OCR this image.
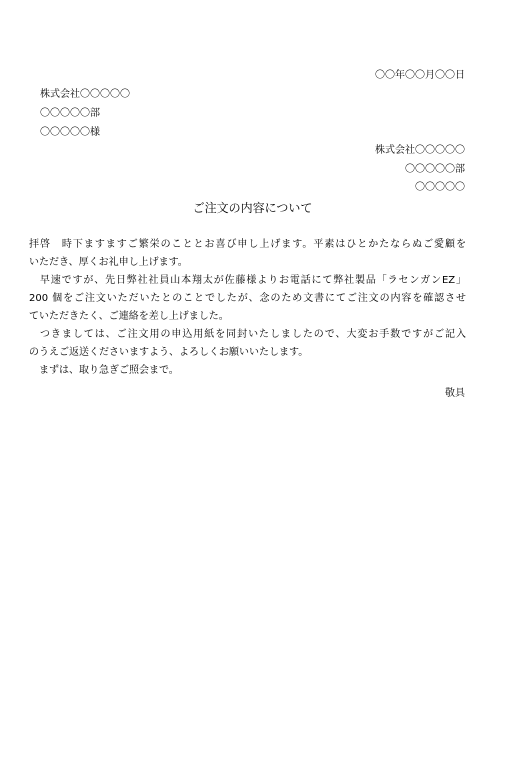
〇〇年〇〇月〇〇日
株式会社〇〇〇〇〇
〇〇〇〇〇部
〇〇〇〇〇様
株式会社〇〇〇〇〇
〇〇〇〇〇部
〇〇〇〇〇
ご注文の内容について
拝啓　時下ますますご繁栄のこととお喜び申し上げます。平素はひとかたならぬご愛顧を
いただき、厚くお礼申し上げます。
　早速ですが、先日弊社社員山本翔太が佐藤様よりお電話にて弊社製品「ラセンガンEZ」
200 個をご注文いただいたとのことでしたが、念のため文書にてご注文の内容を確認させ
ていただきたく、ご連絡を差し上げました。
　つきましては、ご注文用の申込用紙を同封いたしましたので、大変お手数ですがご記入
のうえご返送くださいますよう、よろしくお願いいたします。
　まずは、取り急ぎご照会まで。
敬具
